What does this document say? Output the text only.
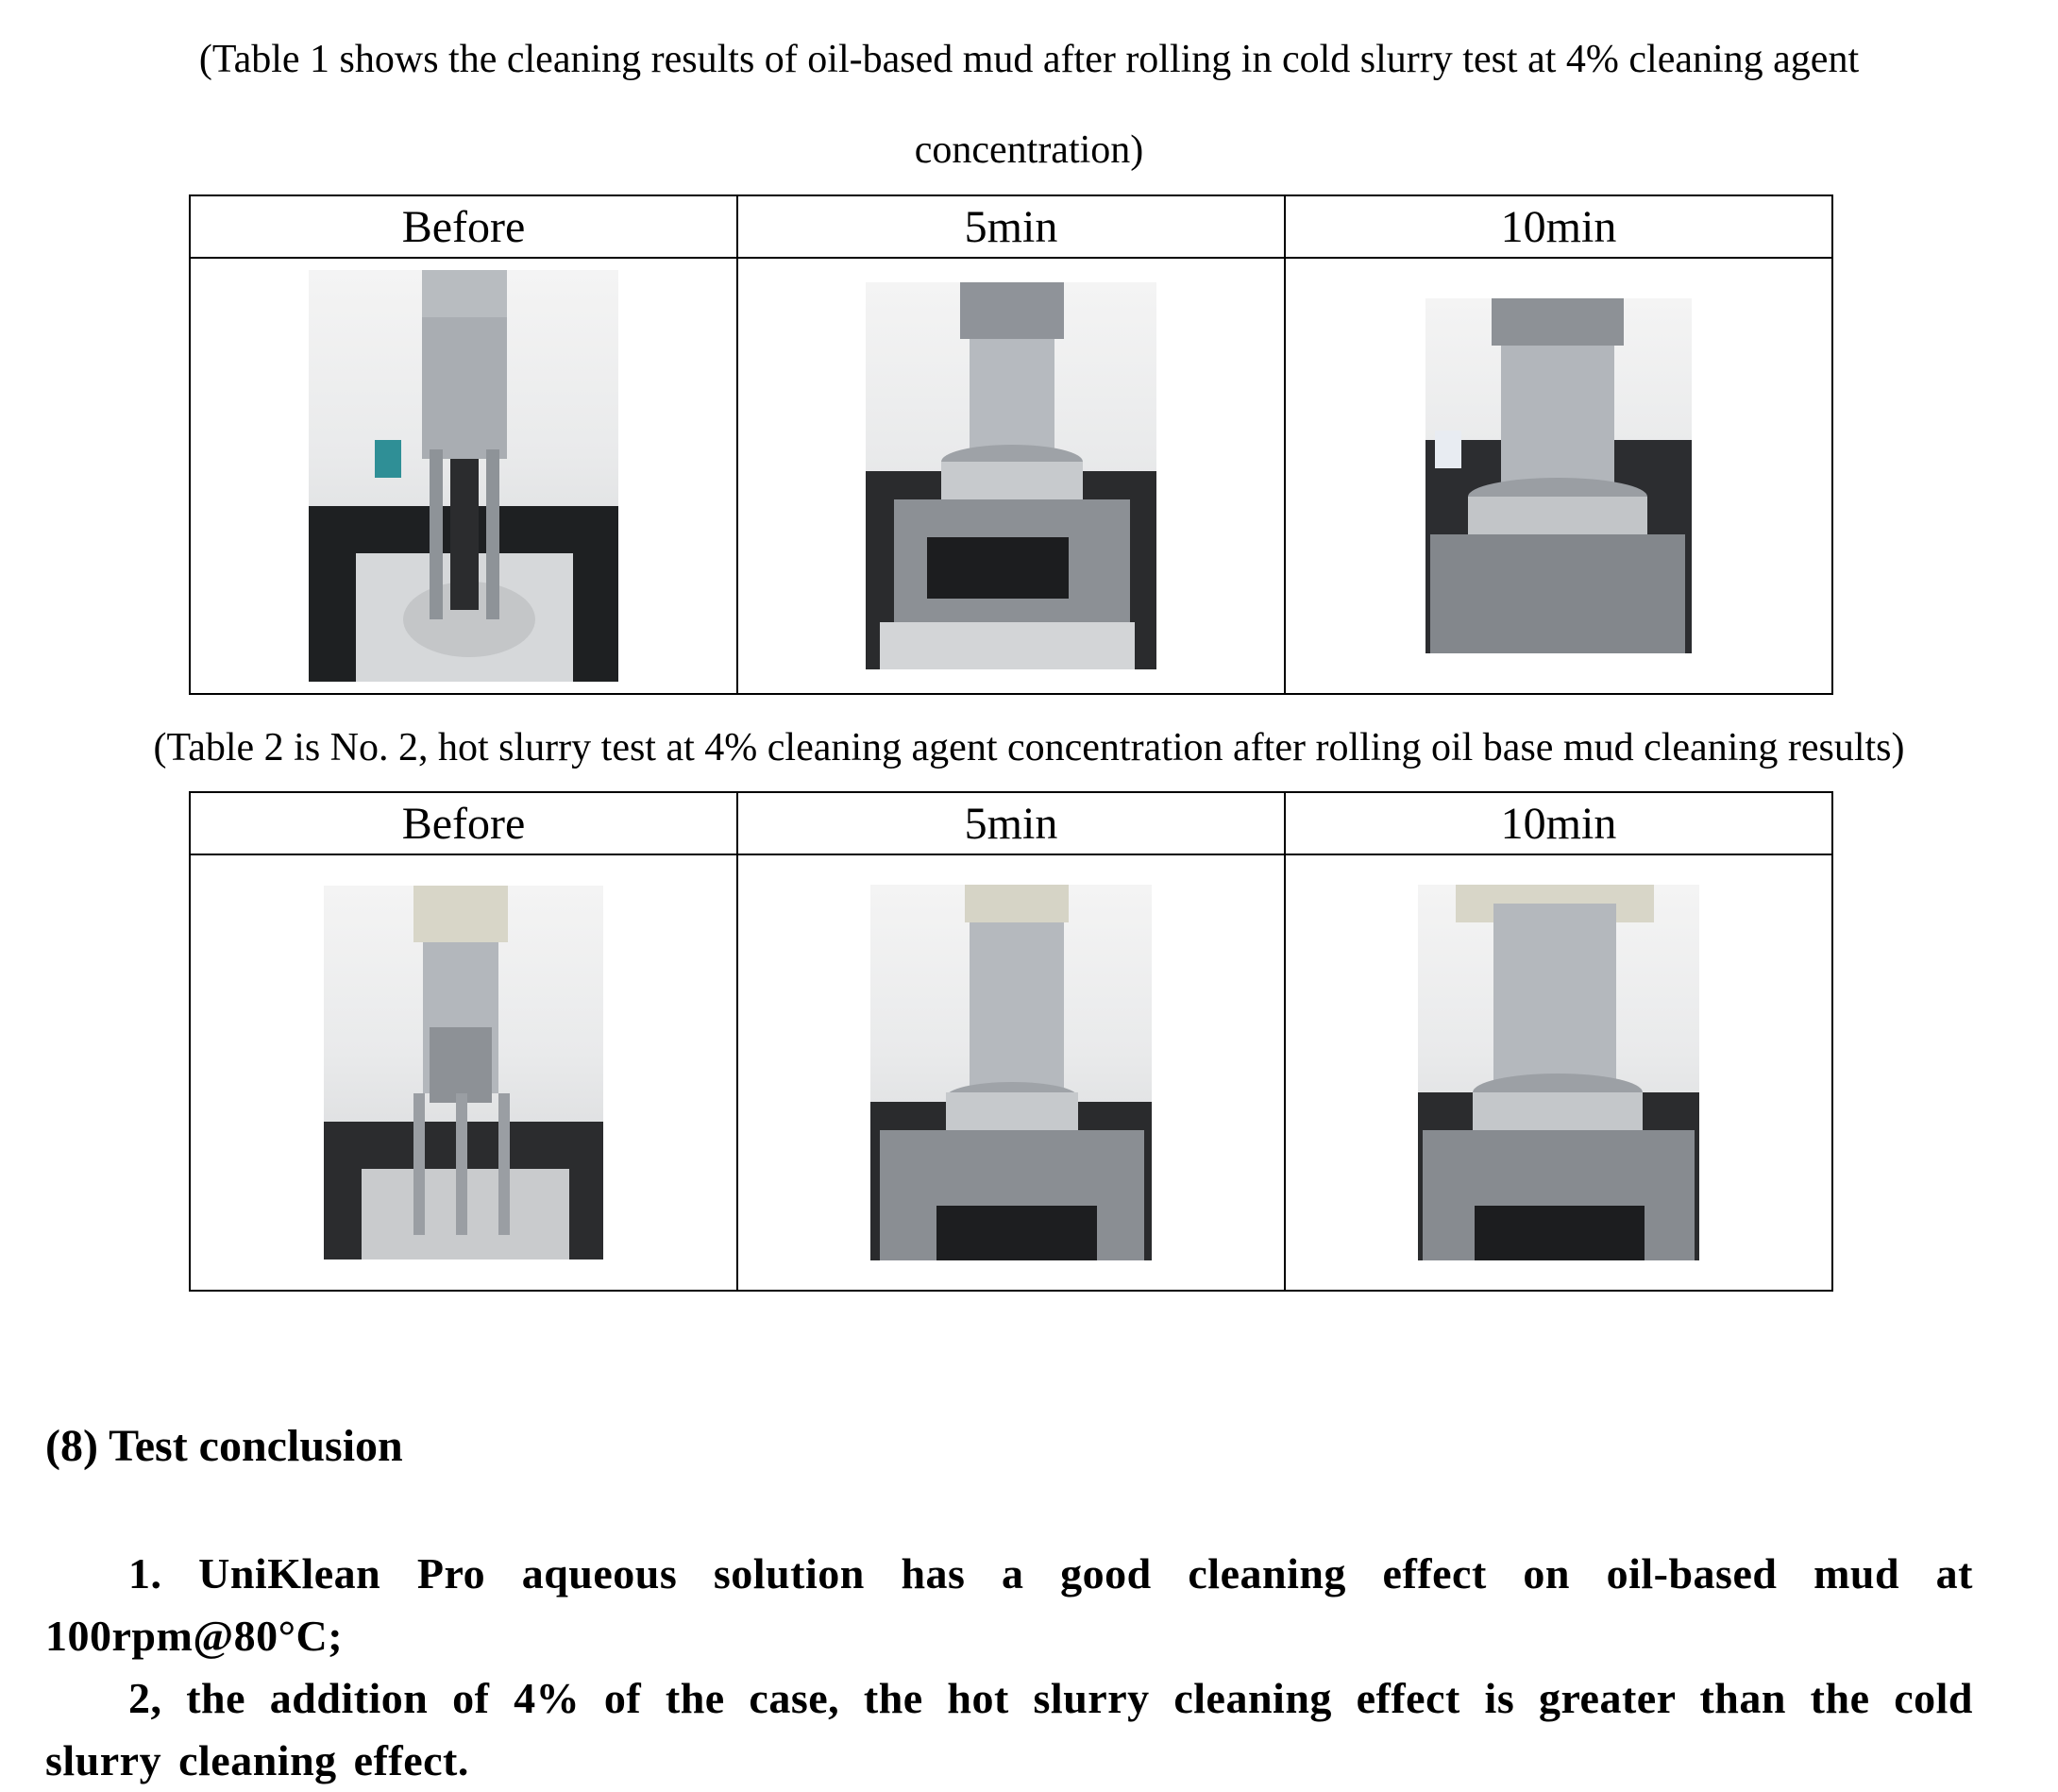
(Table 1 shows the cleaning results of oil-based mud after rolling in cold slurry test at 4% cleaning agent
concentration)
Before	5min	10min

(Table 2 is No. 2, hot slurry test at 4% cleaning agent concentration after rolling oil base mud cleaning results)
Before	5min	10min

(8) Test conclusion
1. UniKlean Pro aqueous solution has a good cleaning effect on oil-based mud at 100rpm@80°C;
2, the addition of 4% of the case, the hot slurry cleaning effect is greater than the cold slurry cleaning effect.
